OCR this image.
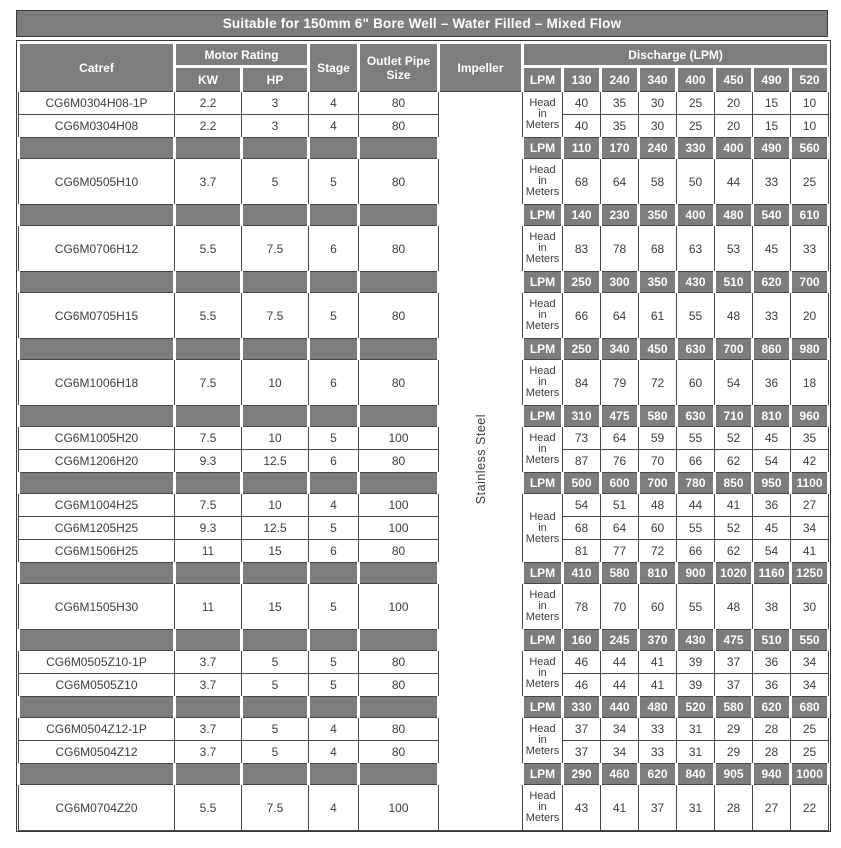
Suitable for 150mm 6" Bore Well – Water Filled – Mixed Flow
Catref	Motor Rating		Stage	Outlet Pipe Size	Impeller	Discharge (LPM)							
	KW	HP				LPM	130	240	340	400	450	490	520
CG6M0304H08-1P	2.2	3	4	80	Stainless Steel	Head in Meters	40	35	30	25	20	15	10
CG6M0304H08	2.2	3	4	80			40	35	30	25	20	15	10
						LPM	110	170	240	330	400	490	560
CG6M0505H10	3.7	5	5	80		Head in Meters	68	64	58	50	44	33	25
						LPM	140	230	350	400	480	540	610
CG6M0706H12	5.5	7.5	6	80		Head in Meters	83	78	68	63	53	45	33
						LPM	250	300	350	430	510	620	700
CG6M0705H15	5.5	7.5	5	80		Head in Meters	66	64	61	55	48	33	20
						LPM	250	340	450	630	700	860	980
CG6M1006H18	7.5	10	6	80		Head in Meters	84	79	72	60	54	36	18
						LPM	310	475	580	630	710	810	960
CG6M1005H20	7.5	10	5	100		Head in Meters	73	64	59	55	52	45	35
CG6M1206H20	9.3	12.5	6	80			87	76	70	66	62	54	42
						LPM	500	600	700	780	850	950	1100
CG6M1004H25	7.5	10	4	100		Head in Meters	54	51	48	44	41	36	27
CG6M1205H25	9.3	12.5	5	100			68	64	60	55	52	45	34
CG6M1506H25	11	15	6	80			81	77	72	66	62	54	41
						LPM	410	580	810	900	1020	1160	1250
CG6M1505H30	11	15	5	100		Head in Meters	78	70	60	55	48	38	30
						LPM	160	245	370	430	475	510	550
CG6M0505Z10-1P	3.7	5	5	80		Head in Meters	46	44	41	39	37	36	34
CG6M0505Z10	3.7	5	5	80			46	44	41	39	37	36	34
						LPM	330	440	480	520	580	620	680
CG6M0504Z12-1P	3.7	5	4	80		Head in Meters	37	34	33	31	29	28	25
CG6M0504Z12	3.7	5	4	80			37	34	33	31	29	28	25
						LPM	290	460	620	840	905	940	1000
CG6M0704Z20	5.5	7.5	4	100		Head in Meters	43	41	37	31	28	27	22
